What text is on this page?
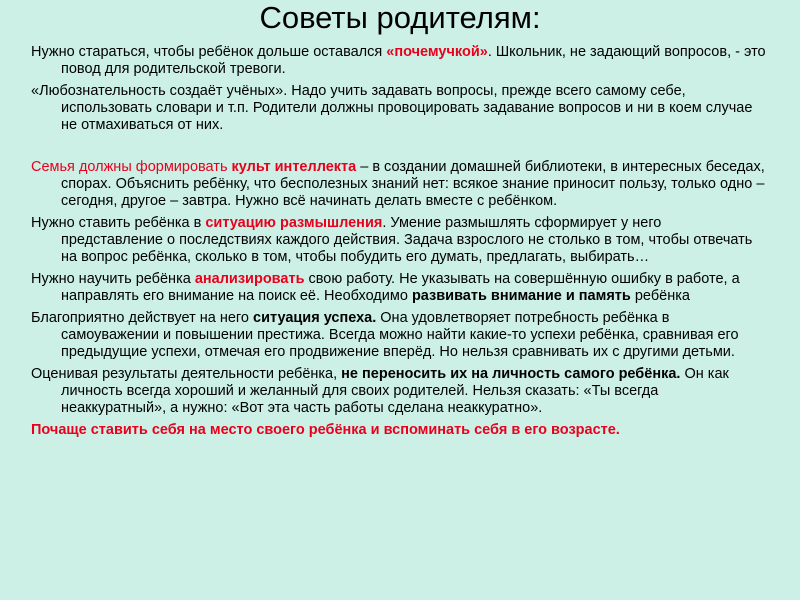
Советы родителям:

Нужно стараться, чтобы ребёнок дольше оставался «почемучкой». Школьник, не задающий вопросов, - это повод для родительской тревоги.

«Любознательность создаёт учёных». Надо учить задавать вопросы, прежде всего самому себе, использовать словари и т.п. Родители должны провоцировать задавание вопросов и ни в коем случае не отмахиваться от них.

Семья должны формировать культ интеллекта – в создании домашней библиотеки, в интересных беседах, спорах. Объяснить ребёнку, что бесполезных знаний нет: всякое знание приносит пользу, только одно – сегодня, другое – завтра. Нужно всё начинать делать вместе с ребёнком.

Нужно ставить ребёнка в ситуацию размышления. Умение размышлять сформирует у него представление о последствиях каждого действия. Задача взрослого не столько в том, чтобы отвечать на вопрос ребёнка, сколько в том, чтобы побудить его думать, предлагать, выбирать…

Нужно научить ребёнка анализировать свою работу. Не указывать на совершённую ошибку в работе, а направлять его внимание на поиск её. Необходимо развивать внимание и память ребёнка

Благоприятно действует на него ситуация успеха. Она удовлетворяет потребность ребёнка в самоуважении и повышении престижа. Всегда можно найти какие-то успехи ребёнка, сравнивая его предыдущие успехи, отмечая его продвижение вперёд. Но нельзя сравнивать их с другими детьми.

Оценивая результаты деятельности ребёнка, не переносить их на личность самого ребёнка. Он как личность всегда хороший и желанный для своих родителей. Нельзя сказать: «Ты всегда неаккуратный», а нужно: «Вот эта часть работы сделана неаккуратно».

Почаще ставить себя на место своего ребёнка и вспоминать себя в его возрасте.
